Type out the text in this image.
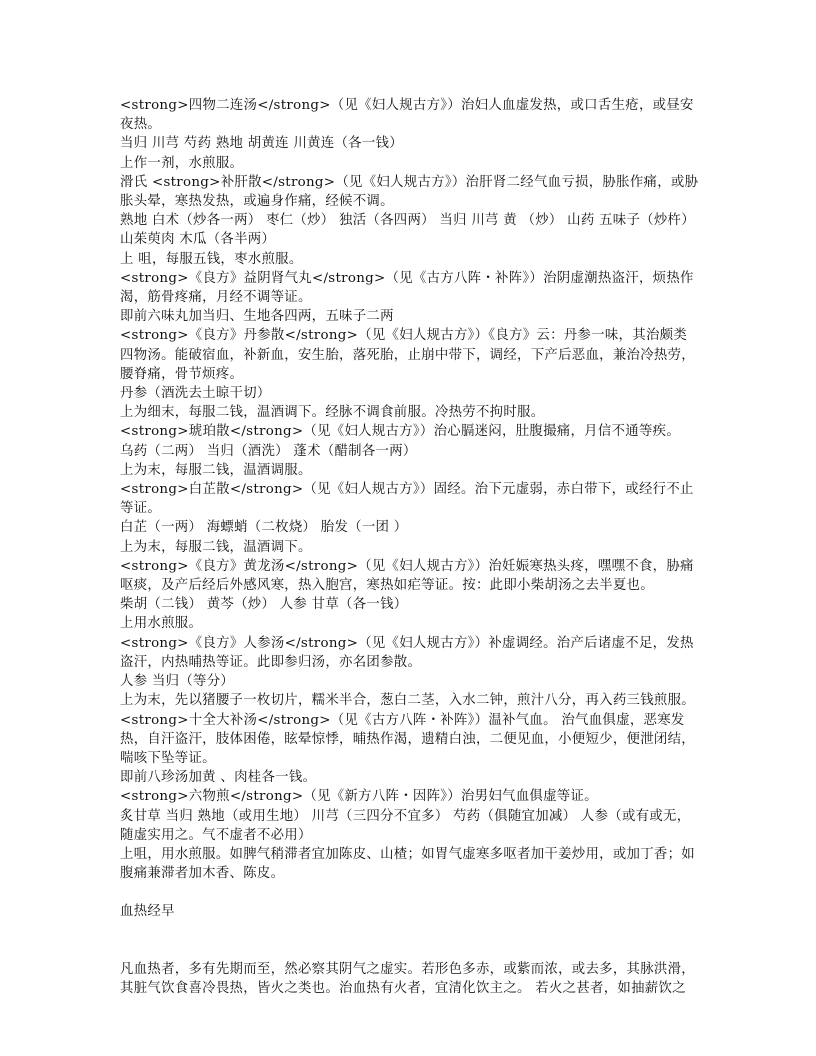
<strong>四物二连汤</strong>（见《妇人规古方》）治妇人血虚发热，或口舌生疮，或昼安夜热。

当归 川芎 芍药 熟地 胡黄连 川黄连（各一钱）

上作一剂，水煎服。

滑氏 <strong>补肝散</strong>（见《妇人规古方》）治肝肾二经气血亏损，胁胀作痛，或胁胀头晕，寒热发热，或遍身作痛，经候不调。

熟地 白术（炒各一两） 枣仁（炒） 独活（各四两） 当归 川芎 黄 （炒） 山药 五味子（炒杵）山茱萸肉 木瓜（各半两）

上 咀，每服五钱，枣水煎服。

<strong>《良方》益阴肾气丸</strong>（见《古方八阵・补阵》）治阴虚潮热盗汗，烦热作渴，筋骨疼痛，月经不调等证。

即前六味丸加当归、生地各四两，五味子二两

<strong>《良方》丹参散</strong>（见《妇人规古方》）《良方》云：丹参一味，其治颇类四物汤。能破宿血，补新血，安生胎，落死胎，止崩中带下，调经，下产后恶血，兼治冷热劳，腰脊痛，骨节烦疼。

丹参（酒洗去土晾干切）

上为细末，每服二钱，温酒调下。经脉不调食前服。冷热劳不拘时服。

<strong>琥珀散</strong>（见《妇人规古方》）治心膈迷闷，肚腹撮痛，月信不通等疾。

乌药（二两） 当归（酒洗） 蓬术（醋制各一两）

上为末，每服二钱，温酒调服。

<strong>白芷散</strong>（见《妇人规古方》）固经。治下元虚弱，赤白带下，或经行不止等证。

白芷（一两） 海螵蛸（二枚烧） 胎发（一团 ）

上为末，每服二钱，温酒调下。

<strong>《良方》黄龙汤</strong>（见《妇人规古方》）治妊娠寒热头疼，嘿嘿不食，胁痛呕痰，及产后经后外感风寒，热入胞宫，寒热如疟等证。按：此即小柴胡汤之去半夏也。

柴胡（二钱） 黄芩（炒） 人参 甘草（各一钱）

上用水煎服。

<strong>《良方》人参汤</strong>（见《妇人规古方》）补虚调经。治产后诸虚不足，发热盗汗，内热晡热等证。此即参归汤，亦名团参散。

人参 当归（等分）

上为末，先以猪腰子一枚切片，糯米半合，葱白二茎，入水二钟，煎汁八分，再入药三钱煎服。

<strong>十全大补汤</strong>（见《古方八阵・补阵》）温补气血。 治气血俱虚，恶寒发热，自汗盗汗，肢体困倦，眩晕惊悸，晡热作渴，遗精白浊，二便见血，小便短少，便泄闭结，喘咳下坠等证。

即前八珍汤加黄 、肉桂各一钱。

<strong>六物煎</strong>（见《新方八阵・因阵》）治男妇气血俱虚等证。

炙甘草 当归 熟地（或用生地） 川芎（三四分不宜多） 芍药（俱随宜加减） 人参（或有或无，随虚实用之。气不虚者不必用）

上咀，用水煎服。如脾气稍滞者宜加陈皮、山楂；如胃气虚寒多呕者加干姜炒用，或加丁香；如腹痛兼滞者加木香、陈皮。

血热经早

凡血热者，多有先期而至，然必察其阴气之虚实。若形色多赤，或紫而浓，或去多，其脉洪滑，其脏气饮食喜冷畏热，皆火之类也。治血热有火者，宜清化饮主之。 若火之甚者，如抽薪饮之
